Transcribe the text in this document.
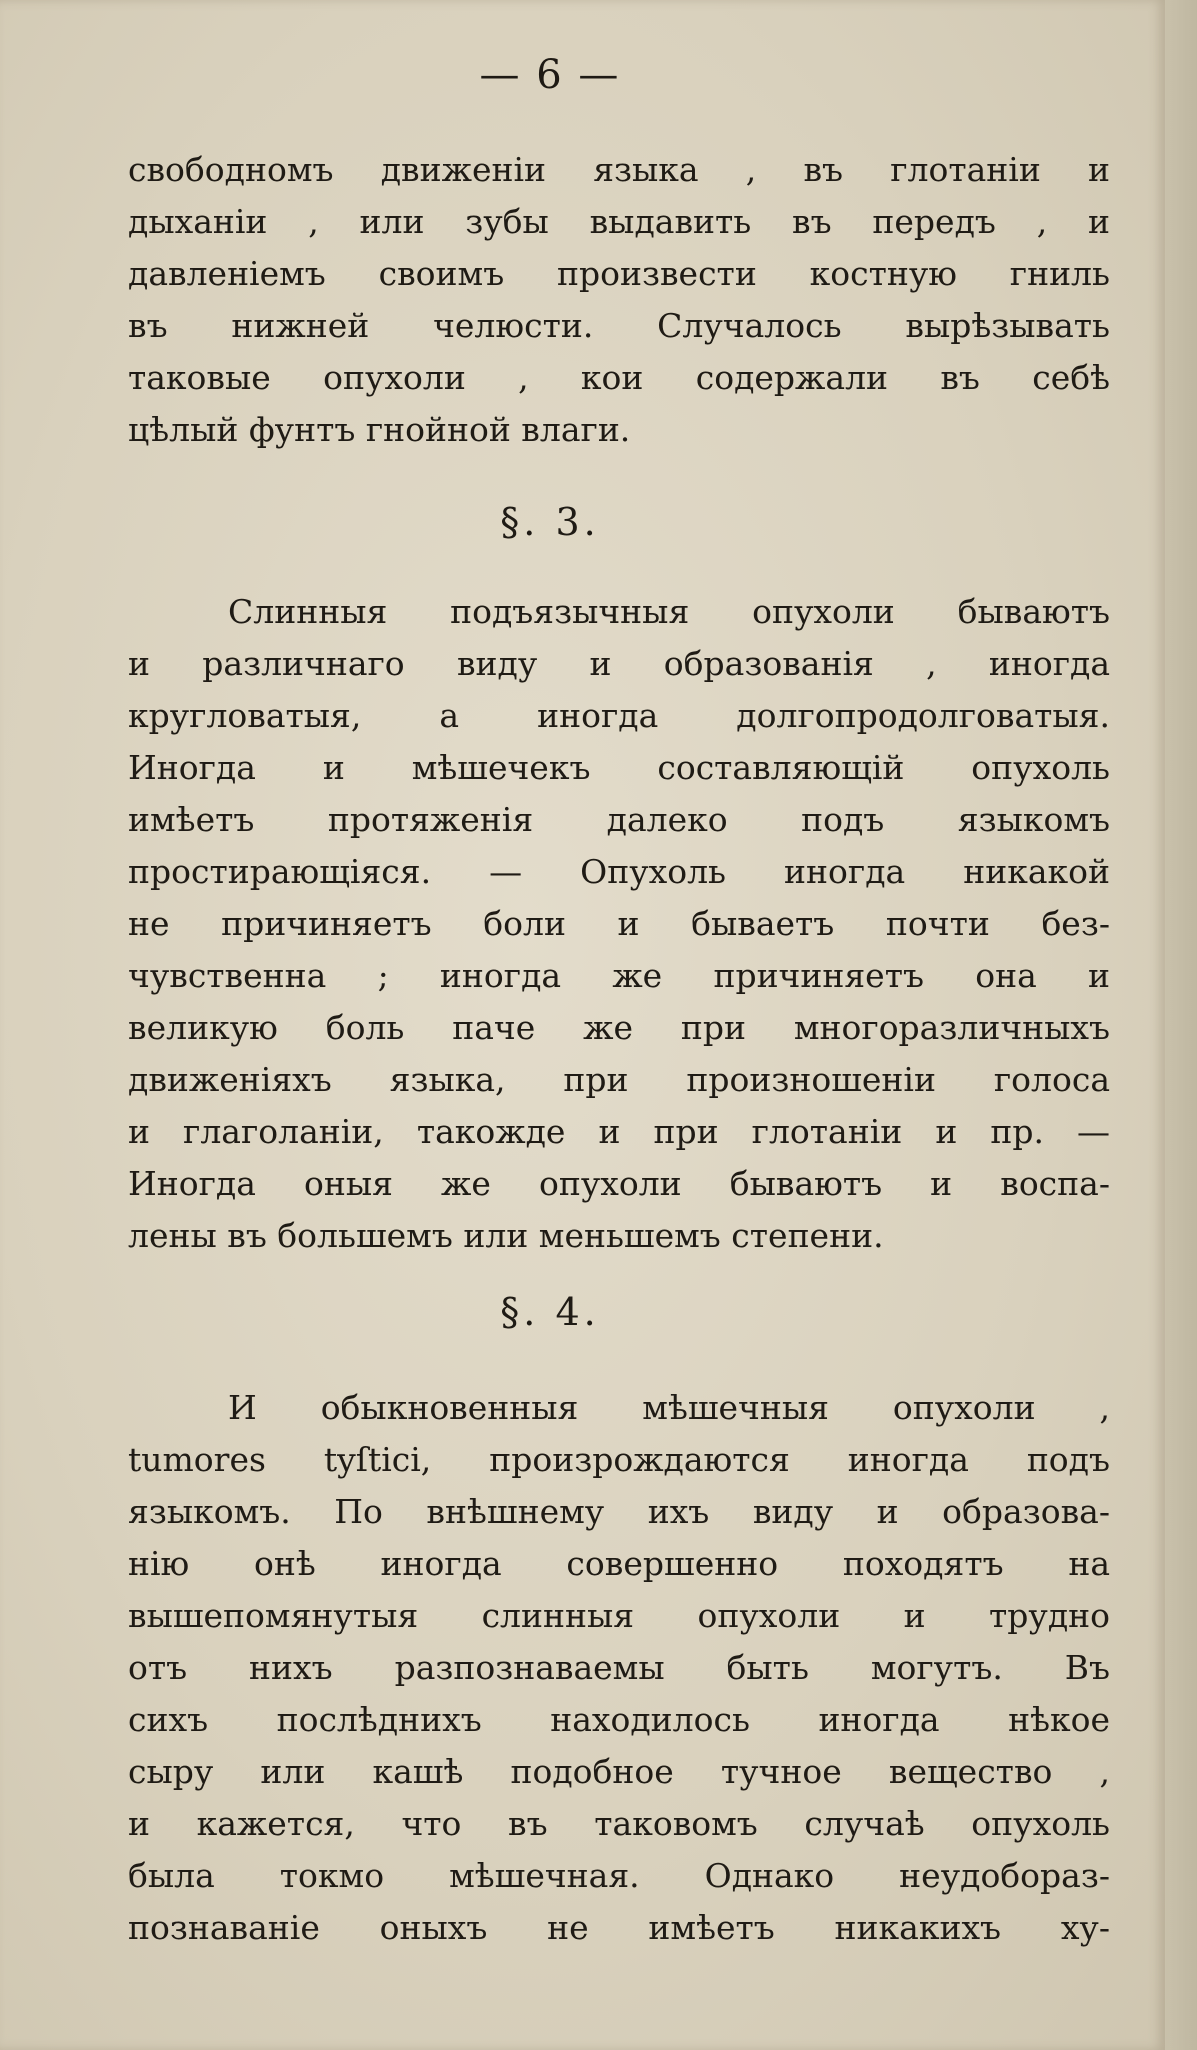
— 6 —
свободномъ движенiи языка , въ глотанiи и
дыханiи , или зубы выдавить въ передъ , и
давленiемъ своимъ произвести костную гниль
въ нижней челюсти. Случалось вырѣзывать
таковые опухоли , кои содержали въ себѣ
цѣлый фунтъ гнойной влаги.
§. 3.
Слинныя подъязычныя опухоли бываютъ
и различнаго виду и образованiя , иногда
кругловатыя, а иногда долгопродолговатыя.
Иногда и мѣшечекъ составляющiй опухоль
имѣетъ протяженiя далеко подъ языкомъ
простирающiяся. — Опухоль иногда никакой
не причиняетъ боли и бываетъ почти без-
чувственна ; иногда же причиняетъ она и
великую боль паче же при многоразличныхъ
движенiяхъ языка, при произношенiи голоса
и глаголанiи, такожде и при глотанiи и пр. —
Иногда оныя же опухоли бываютъ и воспа-
лены въ большемъ или меньшемъ степени.
§. 4.
И обыкновенныя мѣшечныя опухоли ,
tumores tyſtici, произрождаются иногда подъ
языкомъ. По внѣшнему ихъ виду и образова-
нiю онѣ иногда совершенно походятъ на
вышепомянутыя слинныя опухоли и трудно
отъ нихъ разпознаваемы быть могутъ. Въ
сихъ послѣднихъ находилось иногда нѣкое
сыру или кашѣ подобное тучное вещество ,
и кажется, что въ таковомъ случаѣ опухоль
была токмо мѣшечная. Однако неудобораз-
познаванiе оныхъ не имѣетъ никакихъ ху-
